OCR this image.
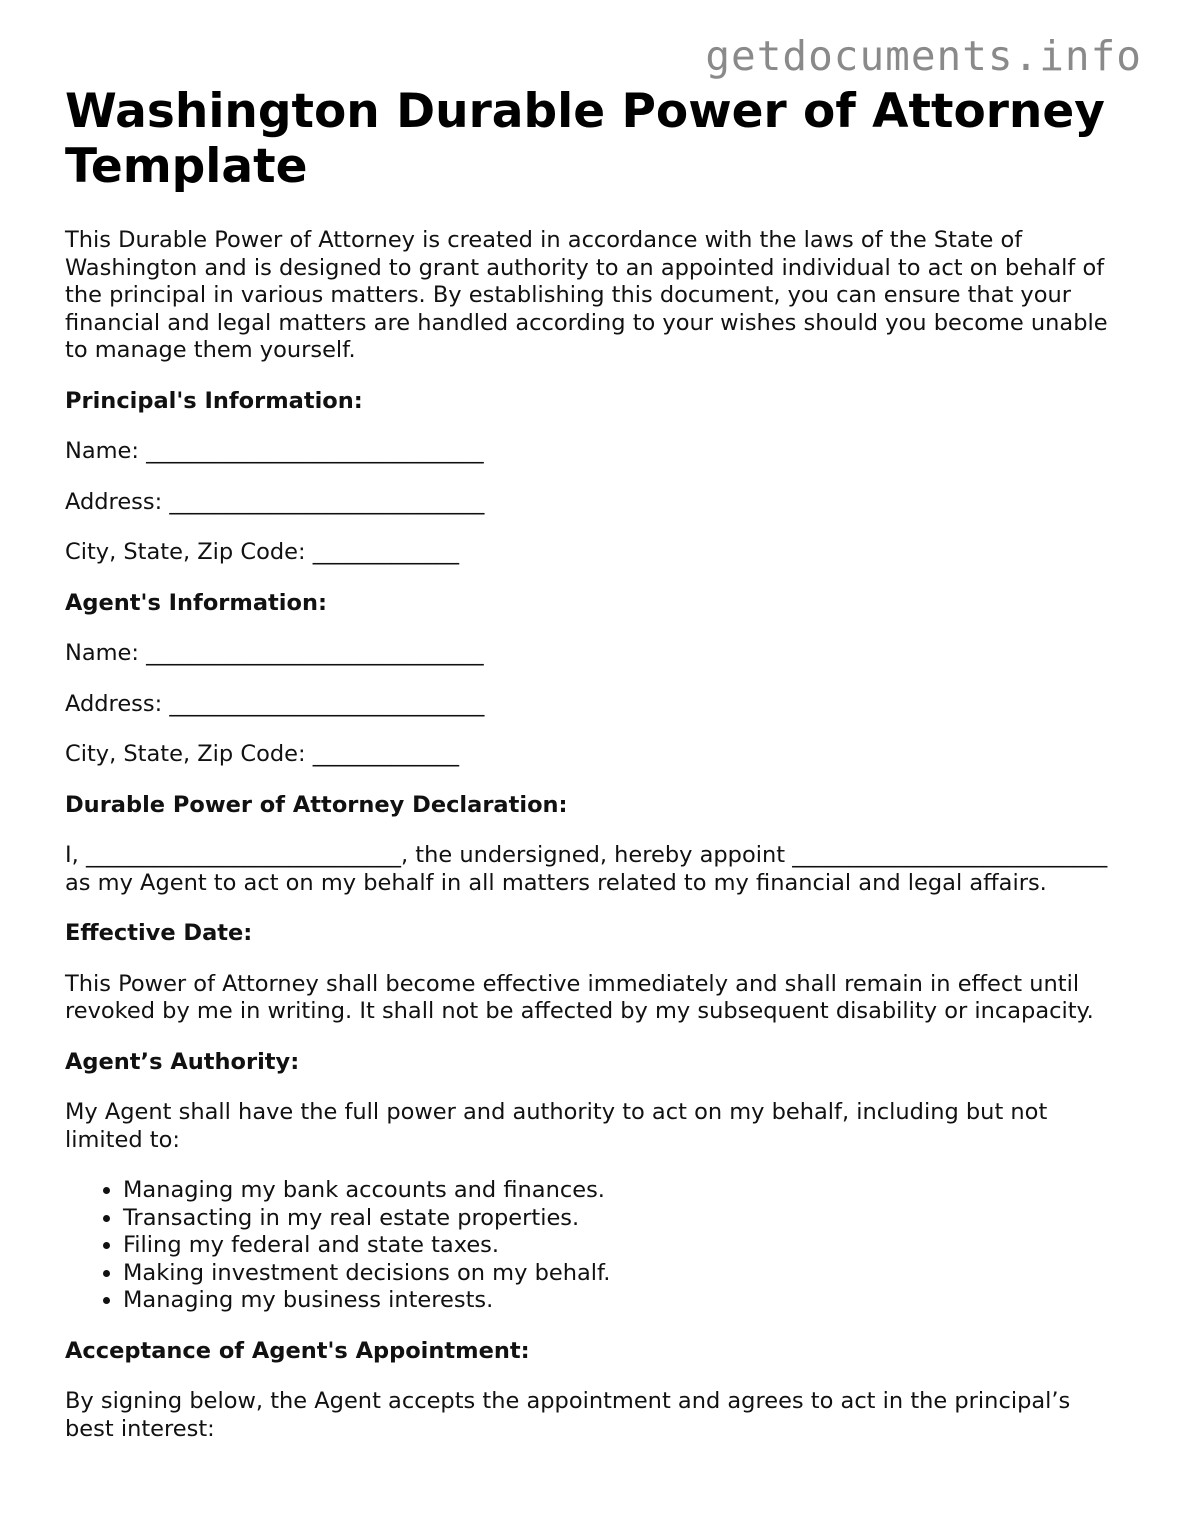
getdocuments.info
Washington Durable Power of Attorney Template

This Durable Power of Attorney is created in accordance with the laws of the State of Washington and is designed to grant authority to an appointed individual to act on behalf of the principal in various matters. By establishing this document, you can ensure that your financial and legal matters are handled according to your wishes should you become unable to manage them yourself.

Principal's Information:

Name: ______________________________

Address: ____________________________

City, State, Zip Code: _____________

Agent's Information:

Name: ______________________________

Address: ____________________________

City, State, Zip Code: _____________

Durable Power of Attorney Declaration:

I, ____________________________, the undersigned, hereby appoint ____________________________ as my Agent to act on my behalf in all matters related to my financial and legal affairs.

Effective Date:

This Power of Attorney shall become effective immediately and shall remain in effect until revoked by me in writing. It shall not be affected by my subsequent disability or incapacity.

Agent’s Authority:

My Agent shall have the full power and authority to act on my behalf, including but not limited to:

• Managing my bank accounts and finances.
• Transacting in my real estate properties.
• Filing my federal and state taxes.
• Making investment decisions on my behalf.
• Managing my business interests.

Acceptance of Agent's Appointment:

By signing below, the Agent accepts the appointment and agrees to act in the principal’s best interest:
